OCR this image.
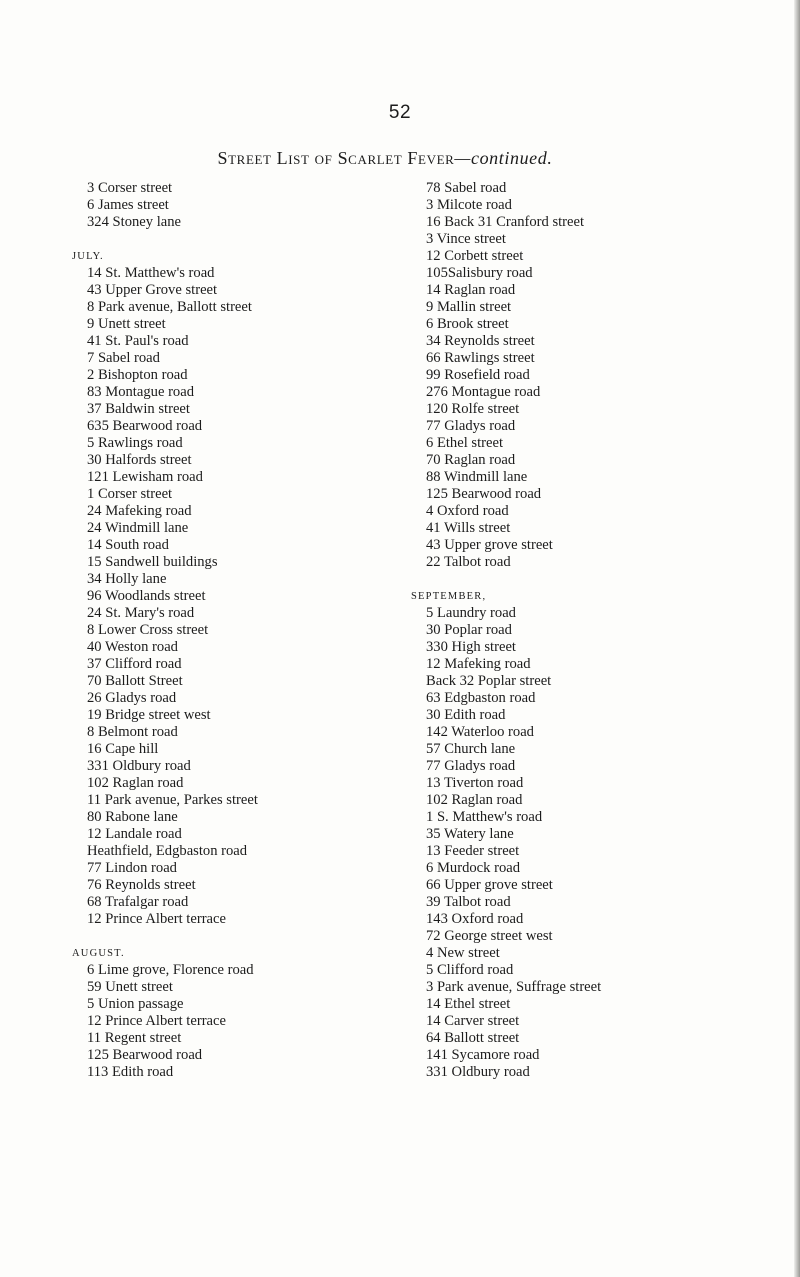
52
Street List of Scarlet Fever—continued.
3 Corser street
6 James street
324 Stoney lane
JULY.
14 St. Matthew's road
43 Upper Grove street
8 Park avenue, Ballott street
9 Unett street
41 St. Paul's road
7 Sabel road
2 Bishopton road
83 Montague road
37 Baldwin street
635 Bearwood road
5 Rawlings road
30 Halfords street
121 Lewisham road
1 Corser street
24 Mafeking road
24 Windmill lane
14 South road
15 Sandwell buildings
34 Holly lane
96 Woodlands street
24 St. Mary's road
8 Lower Cross street
40 Weston road
37 Clifford road
70 Ballott Street
26 Gladys road
19 Bridge street west
8 Belmont road
16 Cape hill
331 Oldbury road
102 Raglan road
11 Park avenue, Parkes street
80 Rabone lane
12 Landale road
Heathfield, Edgbaston road
77 Lindon road
76 Reynolds street
68 Trafalgar road
12 Prince Albert terrace
AUGUST.
6 Lime grove, Florence road
59 Unett street
5 Union passage
12 Prince Albert terrace
11 Regent street
125 Bearwood road
113 Edith road
78 Sabel road
3 Milcote road
16 Back 31 Cranford street
3 Vince street
12 Corbett street
105Salisbury road
14 Raglan road
9 Mallin street
6 Brook street
34 Reynolds street
66 Rawlings street
99 Rosefield road
276 Montague road
120 Rolfe street
77 Gladys road
6 Ethel street
70 Raglan road
88 Windmill lane
125 Bearwood road
4 Oxford road
41 Wills street
43 Upper grove street
22 Talbot road
SEPTEMBER,
5 Laundry road
30 Poplar road
330 High street
12 Mafeking road
Back 32 Poplar street
63 Edgbaston road
30 Edith road
142 Waterloo road
57 Church lane
77 Gladys road
13 Tiverton road
102 Raglan road
1 S. Matthew's road
35 Watery lane
13 Feeder street
6 Murdock road
66 Upper grove street
39 Talbot road
143 Oxford road
72 George street west
4 New street
5 Clifford road
3 Park avenue, Suffrage street
14 Ethel street
14 Carver street
64 Ballott street
141 Sycamore road
331 Oldbury road
